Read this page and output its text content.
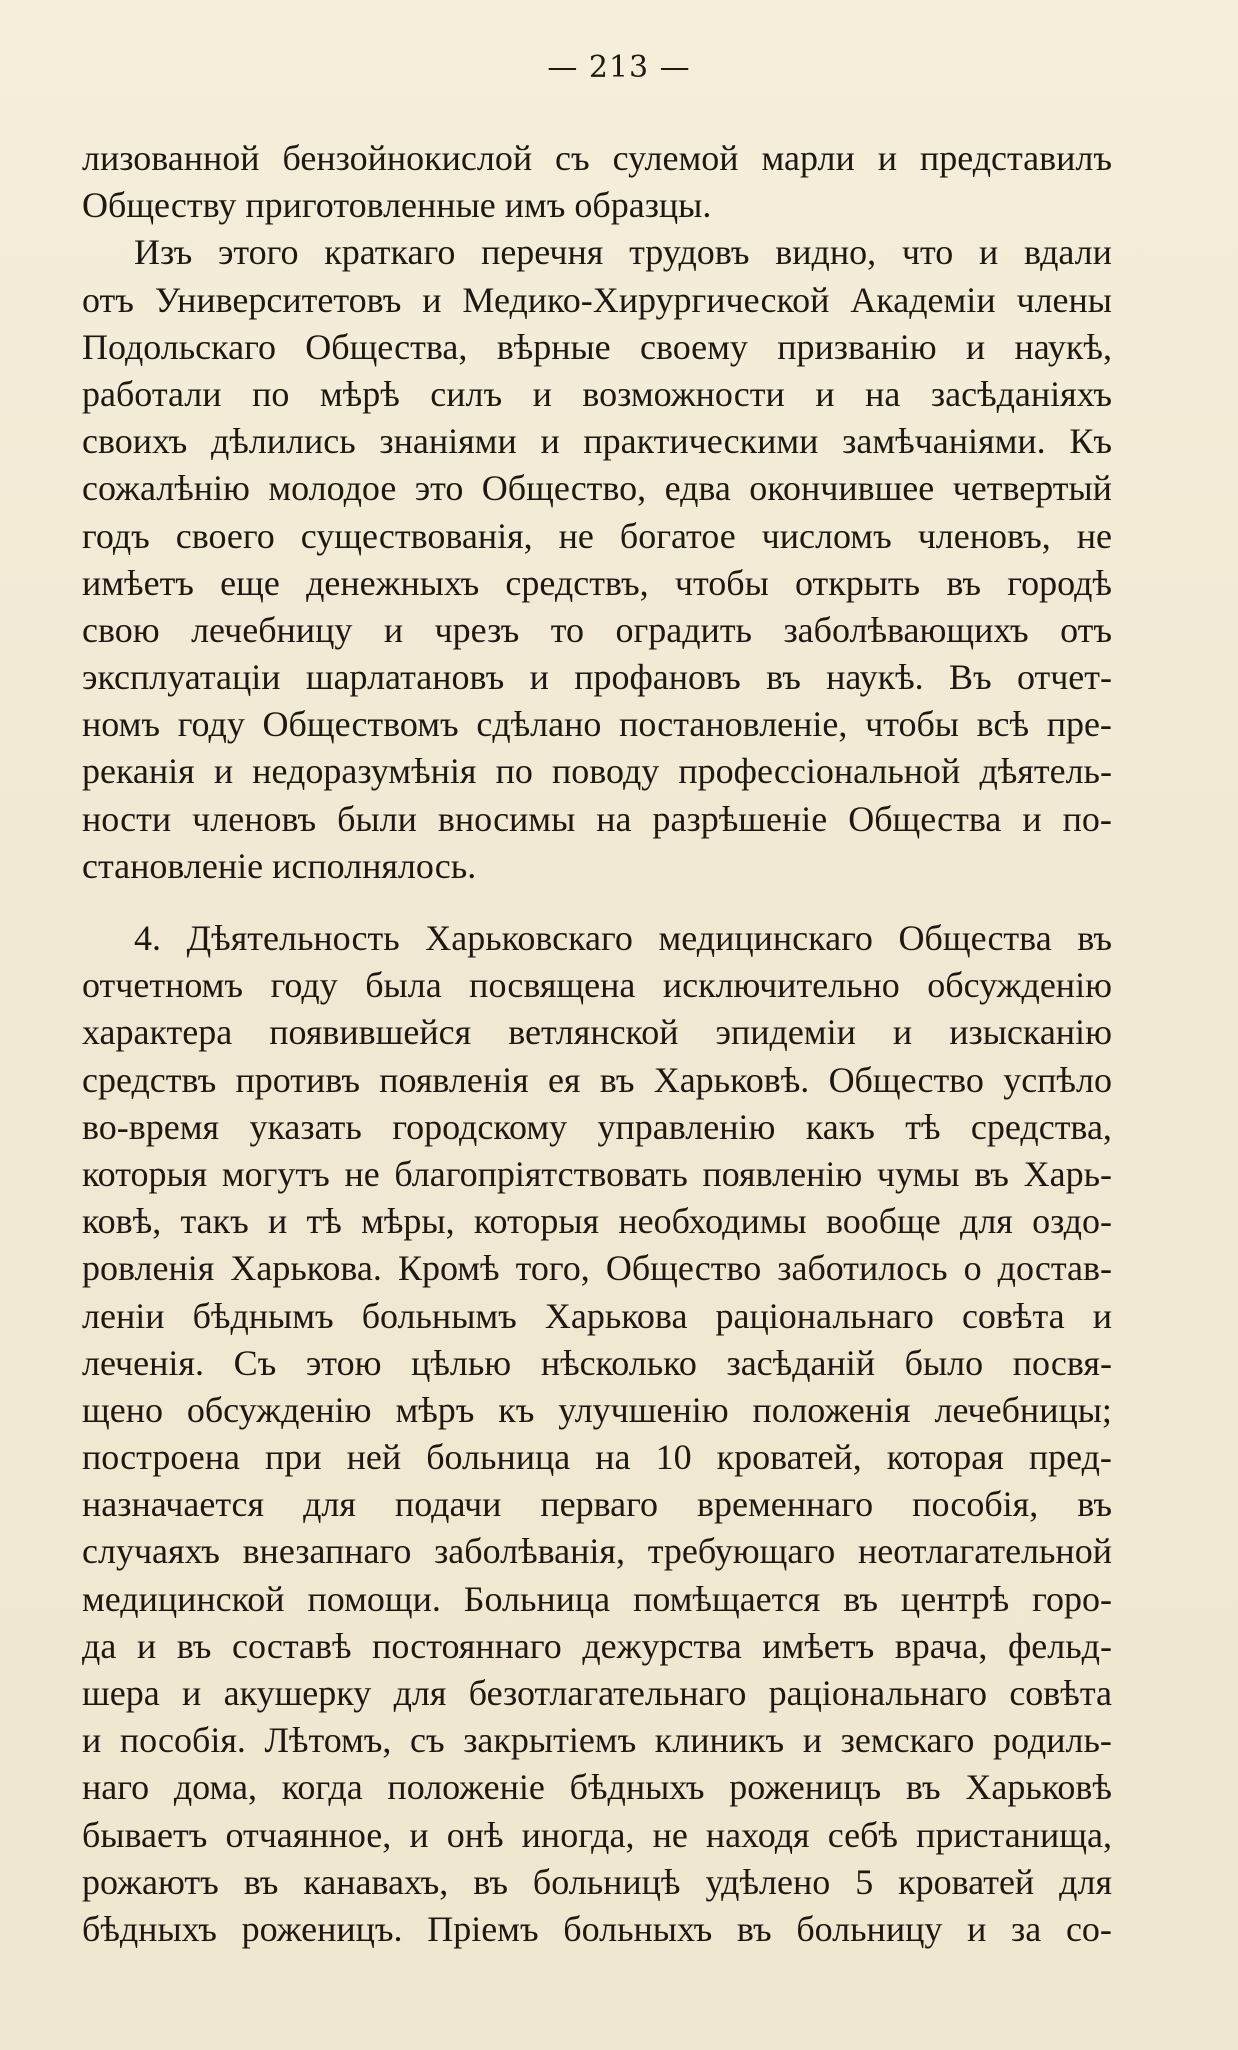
— 213 —
лизованной бензойнокислой съ сулемой марли и представилъ
Обществу приготовленные имъ образцы.
Изъ этого краткаго перечня трудовъ видно, что и вдали
отъ Университетовъ и Медико-Хирургической Академіи члены
Подольскаго Общества, вѣрные своему призванію и наукѣ,
работали по мѣрѣ силъ и возможности и на засѣданіяхъ
своихъ дѣлились знаніями и практическими замѣчаніями. Къ
сожалѣнію молодое это Общество, едва окончившее четвертый
годъ своего существованія, не богатое числомъ членовъ, не
имѣетъ еще денежныхъ средствъ, чтобы открыть въ городѣ
свою лечебницу и чрезъ то оградить заболѣвающихъ отъ
эксплуатаціи шарлатановъ и профановъ въ наукѣ. Въ отчет-
номъ году Обществомъ сдѣлано постановленіе, чтобы всѣ пре-
реканія и недоразумѣнія по поводу профессіональной дѣятель-
ности членовъ были вносимы на разрѣшеніе Общества и по-
становленіе исполнялось.
4. Дѣятельность Харьковскаго медицинскаго Общества въ
отчетномъ году была посвящена исключительно обсужденію
характера появившейся ветлянской эпидеміи и изысканію
средствъ противъ появленія ея въ Харьковѣ. Общество успѣло
во-время указать городскому управленію какъ тѣ средства,
которыя могутъ не благопріятствовать появленію чумы въ Харь-
ковѣ, такъ и тѣ мѣры, которыя необходимы вообще для оздо-
ровленія Харькова. Кромѣ того, Общество заботилось о достав-
леніи бѣднымъ больнымъ Харькова раціональнаго совѣта и
леченія. Съ этою цѣлью нѣсколько засѣданій было посвя-
щено обсужденію мѣръ къ улучшенію положенія лечебницы;
построена при ней больница на 10 кроватей, которая пред-
назначается для подачи перваго временнаго пособія, въ
случаяхъ внезапнаго заболѣванія, требующаго неотлагательной
медицинской помощи. Больница помѣщается въ центрѣ горо-
да и въ составѣ постояннаго дежурства имѣетъ врача, фельд-
шера и акушерку для безотлагательнаго раціональнаго совѣта
и пособія. Лѣтомъ, съ закрытіемъ клиникъ и земскаго родиль-
наго дома, когда положеніе бѣдныхъ роженицъ въ Харьковѣ
бываетъ отчаянное, и онѣ иногда, не находя себѣ пристанища,
рожаютъ въ канавахъ, въ больницѣ удѣлено 5 кроватей для
бѣдныхъ роженицъ. Пріемъ больныхъ въ больницу и за со-
